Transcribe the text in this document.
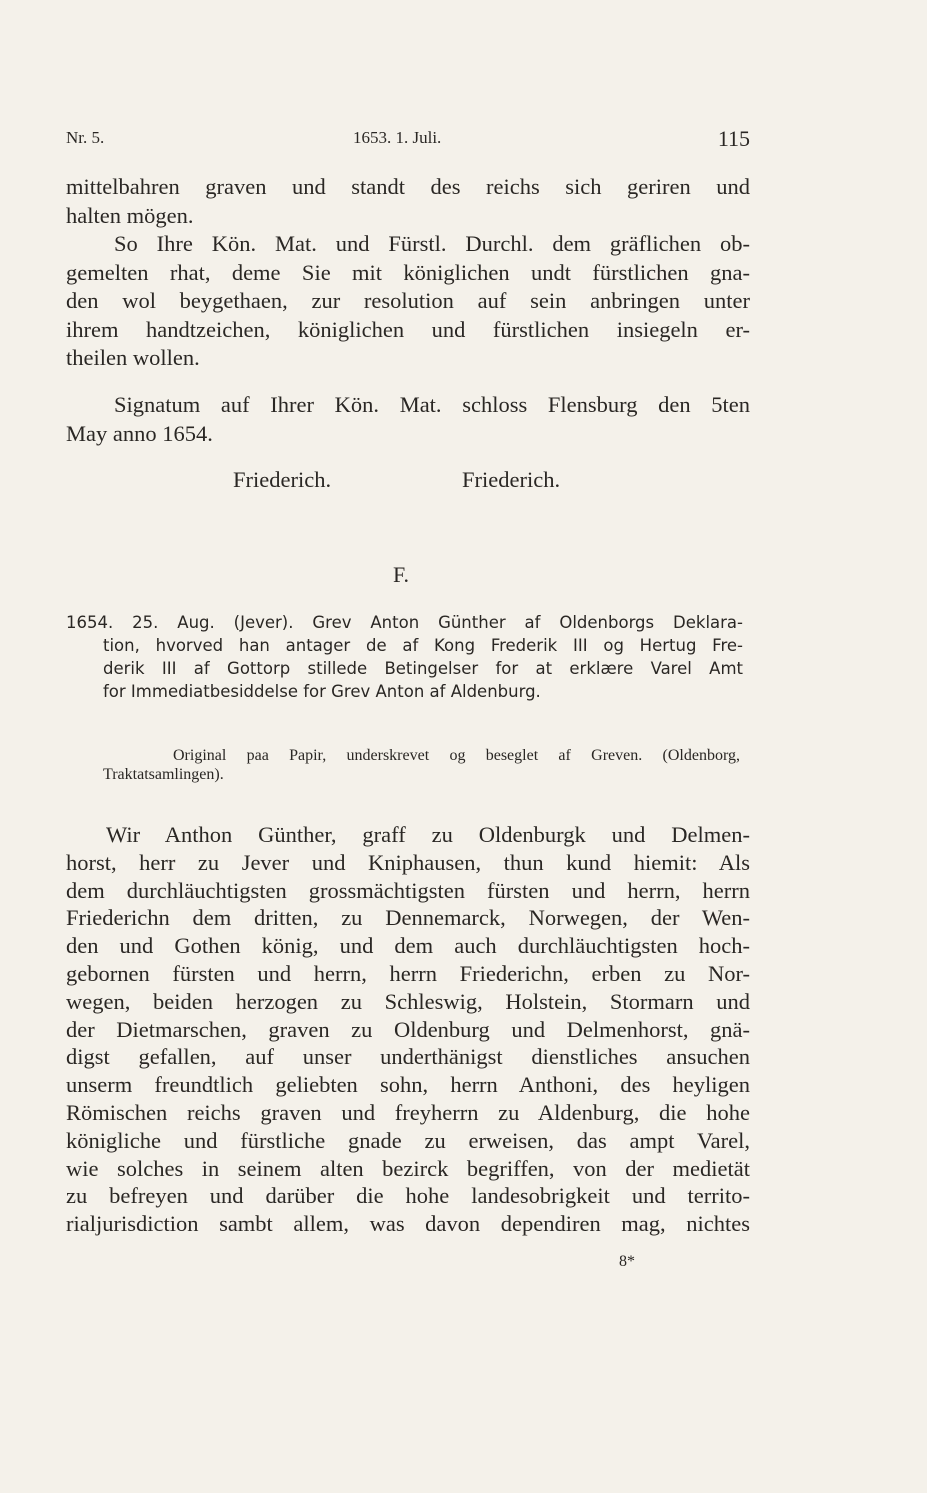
Nr. 5.	1653. 1. Juli.	115
mittelbahren graven und standt des reichs sich geriren und
halten mögen.
So Ihre Kön. Mat. und Fürstl. Durchl. dem gräflichen ob-
gemelten rhat, deme Sie mit königlichen undt fürstlichen gna-
den wol beygethaen, zur resolution auf sein anbringen unter
ihrem handtzeichen, königlichen und fürstlichen insiegeln er-
theilen wollen.
Signatum auf Ihrer Kön. Mat. schloss Flensburg den 5ten
May anno 1654.
Friederich.	Friederich.
F.
1654. 25. Aug. (Jever). Grev Anton Günther af Oldenborgs Deklara-
tion, hvorved han antager de af Kong Frederik III og Hertug Fre-
derik III af Gottorp stillede Betingelser for at erklære Varel Amt
for Immediatbesiddelse for Grev Anton af Aldenburg.
Original paa Papir, underskrevet og beseglet af Greven. (Oldenborg,
Traktatsamlingen).
Wir Anthon Günther, graff zu Oldenburgk und Delmen-
horst, herr zu Jever und Kniphausen, thun kund hiemit: Als
dem durchläuchtigsten grossmächtigsten fürsten und herrn, herrn
Friederichn dem dritten, zu Dennemarck, Norwegen, der Wen-
den und Gothen könig, und dem auch durchläuchtigsten hoch-
gebornen fürsten und herrn, herrn Friederichn, erben zu Nor-
wegen, beiden herzogen zu Schleswig, Holstein, Stormarn und
der Dietmarschen, graven zu Oldenburg und Delmenhorst, gnä-
digst gefallen, auf unser underthänigst dienstliches ansuchen
unserm freundtlich geliebten sohn, herrn Anthoni, des heyligen
Römischen reichs graven und freyherrn zu Aldenburg, die hohe
königliche und fürstliche gnade zu erweisen, das ampt Varel,
wie solches in seinem alten bezirck begriffen, von der medietät
zu befreyen und darüber die hohe landesobrigkeit und territo-
rialjurisdiction sambt allem, was davon dependiren mag, nichtes
8*
